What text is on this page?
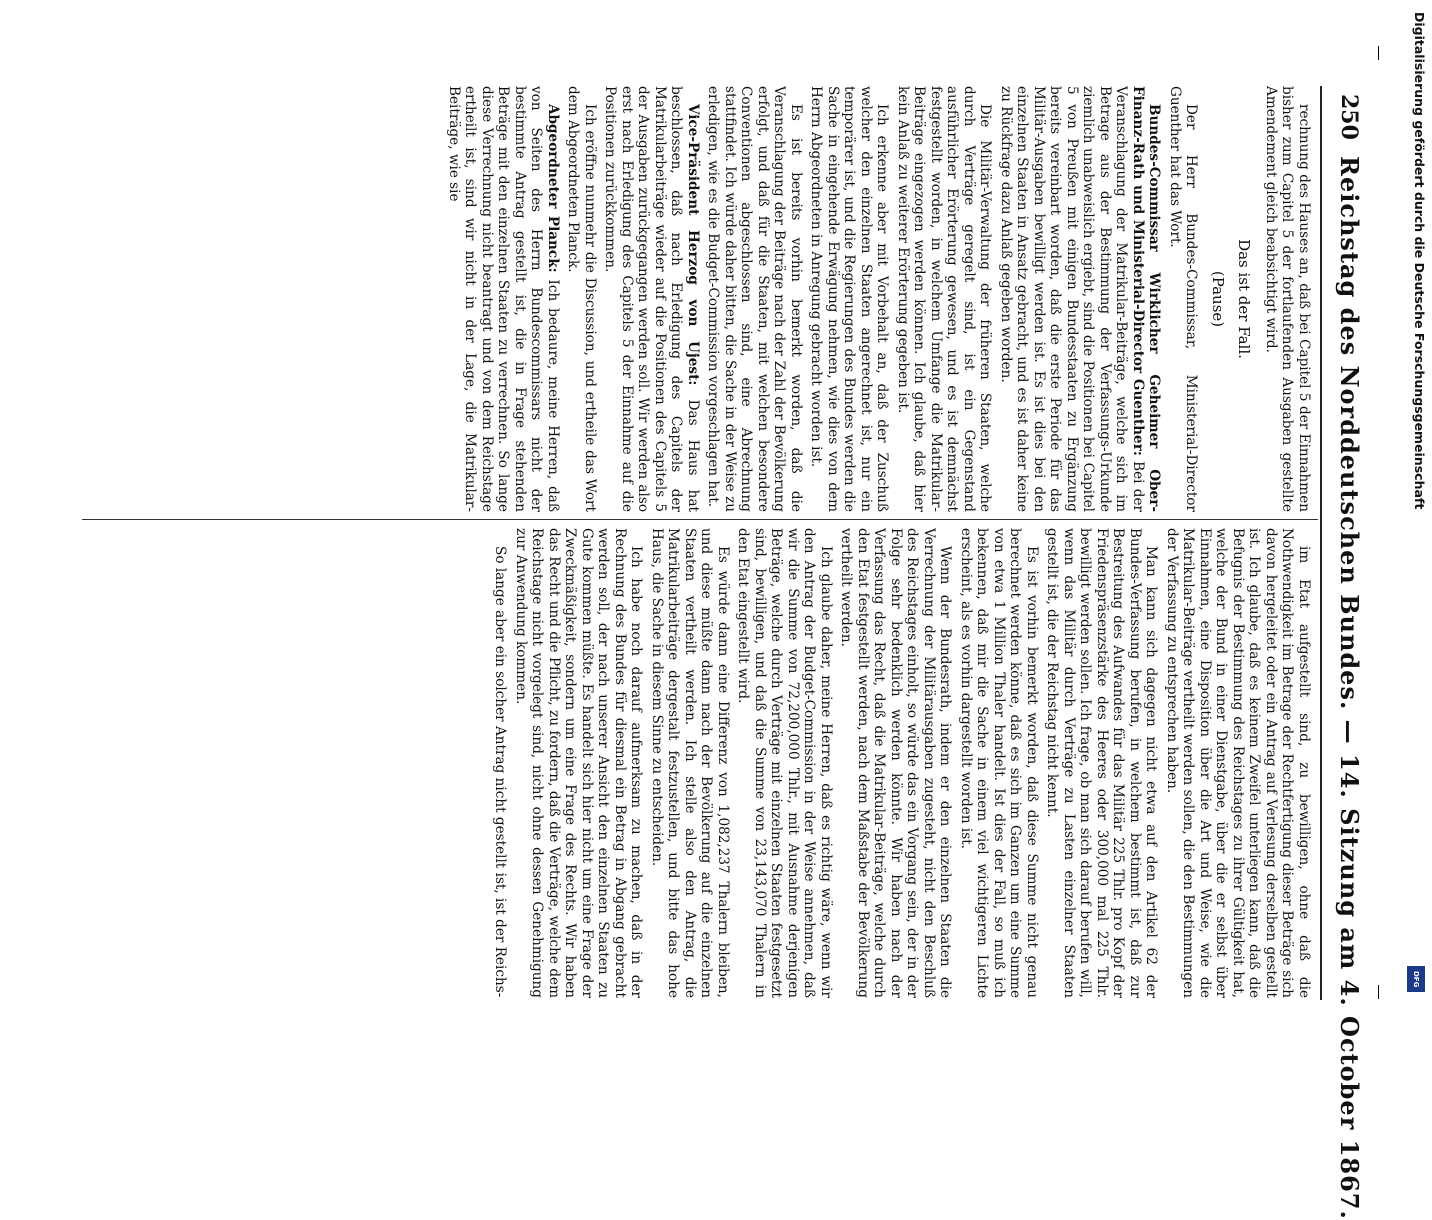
250
Reichstag des Norddeutschen Bundes. — 14. Sitzung am 4. October 1867.

rechnung des Hauses an, daß bei Capitel 5 der Einnahmen bisher zum Capitel 5 der fortlaufenden Ausgaben gestellte Amendement gleich beabsichtigt wird.

Das ist der Fall.

(Pause)

Der Herr Bundes-Commissar, Ministerial-Director Guenther hat das Wort.

Bundes-Commissar Wirklicher Geheimer Ober-Finanz-Rath und Ministerial-Director Guenther: Bei der Veranschlagung der Matrikular-Beiträge, welche sich im Betrage aus der Bestimmung der Verfassungs-Urkunde ziemlich unabweislich ergiebt, sind die Positionen bei Capitel 5 von Preußen mit einigen Bundesstaaten zu Ergänzung bereits vereinbart worden, daß die erste Periode für das Militär-Ausgaben bewilligt werden ist. Es ist dies bei den einzelnen Staaten in Ansatz gebracht, und es ist daher keine zu Rückfrage dazu Anlaß gegeben worden.

Die Militär-Verwaltung der früheren Staaten, welche durch Verträge geregelt sind, ist ein Gegenstand ausführlicher Erörterung gewesen, und es ist demnächst festgestellt worden, in welchem Umfange die Matrikular-Beiträge eingezogen werden können. Ich glaube, daß hier kein Anlaß zu weiterer Erörterung gegeben ist.

Ich erkenne aber mit Vorbehalt an, daß der Zuschuß welcher den einzelnen Staaten angerechnet ist, nur ein temporärer ist, und die Regierungen des Bundes werden die Sache in eingehende Erwägung nehmen, wie dies von dem Herrn Abgeordneten in Anregung gebracht worden ist.

Es ist bereits vorhin bemerkt worden, daß die Veranschlagung der Beiträge nach der Zahl der Bevölkerung erfolgt, und daß für die Staaten, mit welchen besondere Conventionen abgeschlossen sind, eine Abrechnung stattfindet. Ich würde daher bitten, die Sache in der Weise zu erledigen, wie es die Budget-Commission vorgeschlagen hat.

Vice-Präsident Herzog von Ujest: Das Haus hat beschlossen, daß nach Erledigung des Capitels der Matrikularbeiträge wieder auf die Positionen des Capitels 5 der Ausgaben zurückgegangen werden soll. Wir werden also erst nach Erledigung des Capitels 5 der Einnahme auf die Positionen zurückkommen.

Ich eröffne nunmehr die Discussion, und ertheile das Wort dem Abgeordneten Planck.

Abgeordneter Planck: Ich bedaure, meine Herren, daß von Seiten des Herrn Bundescommissars nicht der bestimmte Antrag gestellt ist, die in Frage stehenden Beträge mit den einzelnen Staaten zu verrechnen. So lange diese Verrechnung nicht beantragt und von dem Reichstage ertheilt ist, sind wir nicht in der Lage, die Matrikular-Beiträge, wie sie

im Etat aufgestellt sind, zu bewilligen, ohne daß die Nothwendigkeit im Betrage der Rechtfertigung dieser Beträge sich davon hergeleitet oder ein Antrag auf Verlesung derselben gestellt ist. Ich glaube, daß es keinem Zweifel unterliegen kann, daß die Befugnis der Bestimmung des Reichstages zu ihrer Gültigkeit hat, welche der Bund in einer Dienstgabe, über die er selbst über Einnahmen, eine Disposition über die Art und Weise, wie die Matrikular-Beiträge vertheilt werden sollen, die den Bestimmungen der Verfassung zu entsprechen haben.

Man kann sich dagegen nicht etwa auf den Artikel 62 der Bundes-Verfassung berufen, in welchem bestimmt ist, daß zur Bestreitung des Aufwandes für das Militär 225 Thlr. pro Kopf der Friedenspräsenzstärke des Heeres oder 300,000 mal 225 Thlr. bewilligt werden sollen. Ich frage, ob man sich darauf berufen will, wenn das Militär durch Verträge zu Lasten einzelner Staaten gestellt ist, die der Reichstag nicht kennt.

Es ist vorhin bemerkt worden, daß diese Summe nicht genau berechnet werden könne, daß es sich im Ganzen um eine Summe von etwa 1 Million Thaler handelt. Ist dies der Fall, so muß ich bekennen, daß mir die Sache in einem viel wichtigeren Lichte erscheint, als es vorhin dargestellt worden ist.

Wenn der Bundesrath, indem er den einzelnen Staaten die Verrechnung der Militärausgaben zugesteht, nicht den Beschluß des Reichstages einholt, so würde das ein Vorgang sein, der in der Folge sehr bedenklich werden könnte. Wir haben nach der Verfassung das Recht, daß die Matrikular-Beiträge, welche durch den Etat festgestellt werden, nach dem Maßstabe der Bevölkerung vertheilt werden.

Ich glaube daher, meine Herren, daß es richtig wäre, wenn wir den Antrag der Budget-Commission in der Weise annehmen, daß wir die Summe von 72,200,000 Thlr., mit Ausnahme derjenigen Beträge, welche durch Verträge mit einzelnen Staaten festgesetzt sind, bewilligen, und daß die Summe von 23,143,070 Thalern in den Etat eingestellt wird.

Es würde dann eine Differenz von 1,082,237 Thalern bleiben, und diese müßte dann nach der Bevölkerung auf die einzelnen Staaten vertheilt werden. Ich stelle also den Antrag, die Matrikularbeiträge dergestalt festzustellen, und bitte das hohe Haus, die Sache in diesem Sinne zu entscheiden.

Ich habe noch darauf aufmerksam zu machen, daß in der Rechnung des Bundes für diesmal ein Betrag in Abgang gebracht werden soll, der nach unserer Ansicht den einzelnen Staaten zu Gute kommen müßte. Es handelt sich hier nicht um eine Frage der Zweckmäßigkeit, sondern um eine Frage des Rechts. Wir haben das Recht und die Pflicht, zu fordern, daß die Verträge, welche dem Reichstage nicht vorgelegt sind, nicht ohne dessen Genehmigung zur Anwendung kommen.

So lange aber ein solcher Antrag nicht gestellt ist, ist der Reichs-

Digitalisierung gefördert durch die Deutsche Forschungsgemeinschaft
DFG
